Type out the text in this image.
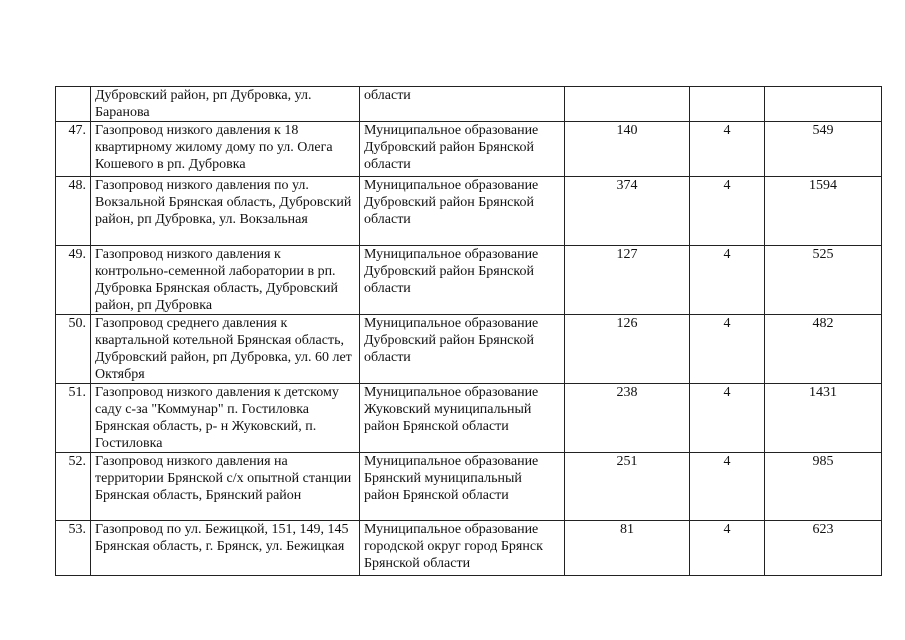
	Дубровский район, рп Дубровка, ул. Баранова	области			
47.	Газопровод низкого давления к 18 квартирному жилому дому по ул. Олега Кошевого в рп. Дубровка	Муниципальное образование Дубровский район Брянской области	140	4	549
48.	Газопровод низкого давления по ул. Вокзальной Брянская область, Дубровский район, рп Дубровка, ул. Вокзальная	Муниципальное образование Дубровский район Брянской области	374	4	1594
49.	Газопровод низкого давления к контрольно-семенной лаборатории в рп. Дубровка Брянская область, Дубровский район, рп Дубровка	Муниципальное образование Дубровский район Брянской области	127	4	525
50.	Газопровод среднего давления к квартальной котельной Брянская область, Дубровский район, рп Дубровка, ул. 60 лет Октября	Муниципальное образование Дубровский район Брянской области	126	4	482
51.	Газопровод низкого давления к детскому саду с-за "Коммунар" п. Гостиловка Брянская область, р- н Жуковский, п. Гостиловка	Муниципальное образование Жуковский муниципальный район Брянской области	238	4	1431
52.	Газопровод низкого давления на территории Брянской с/х опытной станции Брянская область, Брянский район	Муниципальное образование Брянский муниципальный район Брянской области	251	4	985
53.	Газопровод по ул. Бежицкой, 151, 149, 145 Брянская область, г. Брянск, ул. Бежицкая	Муниципальное образование городской округ город Брянск Брянской области	81	4	623
